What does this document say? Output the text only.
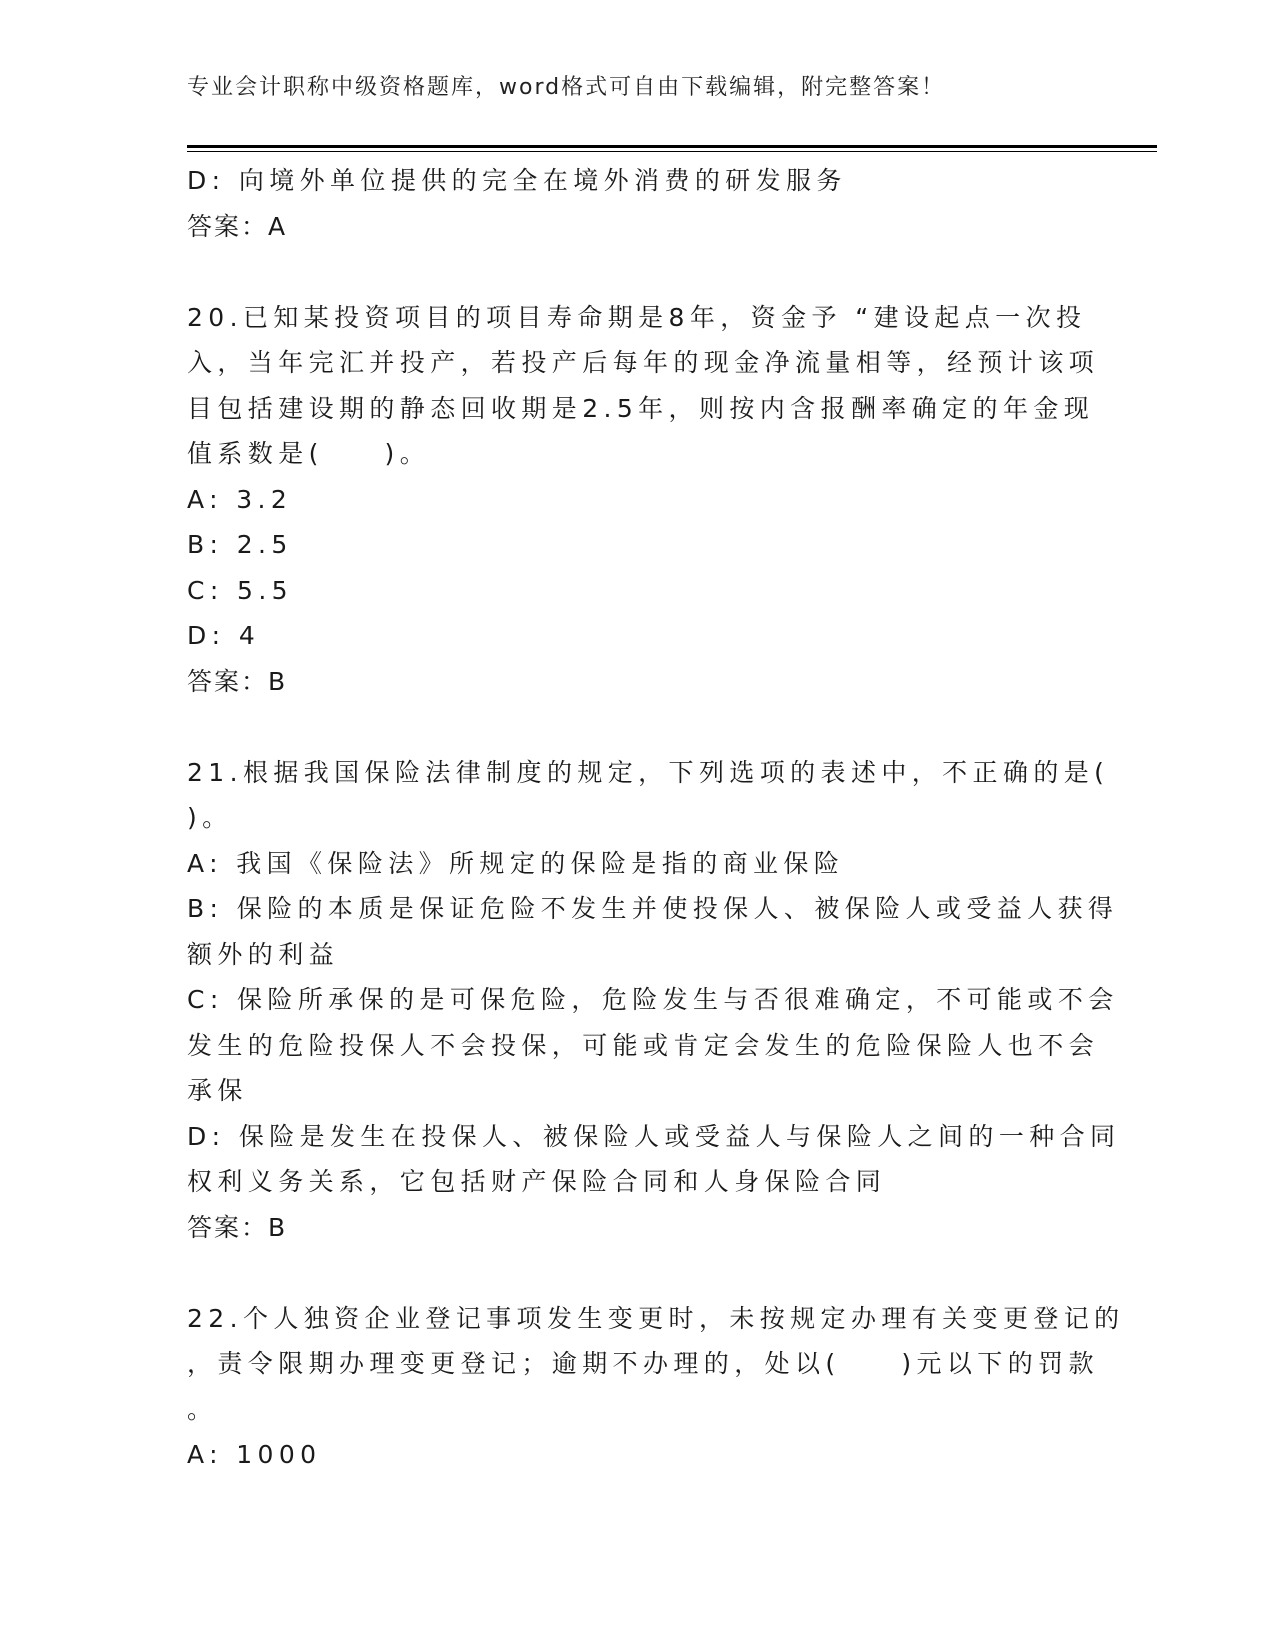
专业会计职称中级资格题库，word格式可自由下载编辑，附完整答案！
D: 向境外单位提供的完全在境外消费的研发服务
答案：A
20.已知某投资项目的项目寿命期是8年，资金予 “建设起点一次投
入，当年完汇并投产，若投产后每年的现金净流量相等，经预计该项
目包括建设期的静态回收期是2.5年，则按内含报酬率确定的年金现
值系数是(　　)。
A: 3.2
B: 2.5
C: 5.5
D: 4
答案：B
21.根据我国保险法律制度的规定，下列选项的表述中，不正确的是(
)。
A: 我国《保险法》所规定的保险是指的商业保险
B: 保险的本质是保证危险不发生并使投保人、被保险人或受益人获得
额外的利益
C: 保险所承保的是可保危险，危险发生与否很难确定，不可能或不会
发生的危险投保人不会投保，可能或肯定会发生的危险保险人也不会
承保
D: 保险是发生在投保人、被保险人或受益人与保险人之间的一种合同
权利义务关系，它包括财产保险合同和人身保险合同
答案：B
22.个人独资企业登记事项发生变更时，未按规定办理有关变更登记的
，责令限期办理变更登记；逾期不办理的，处以(　　)元以下的罚款
。
A: 1000
